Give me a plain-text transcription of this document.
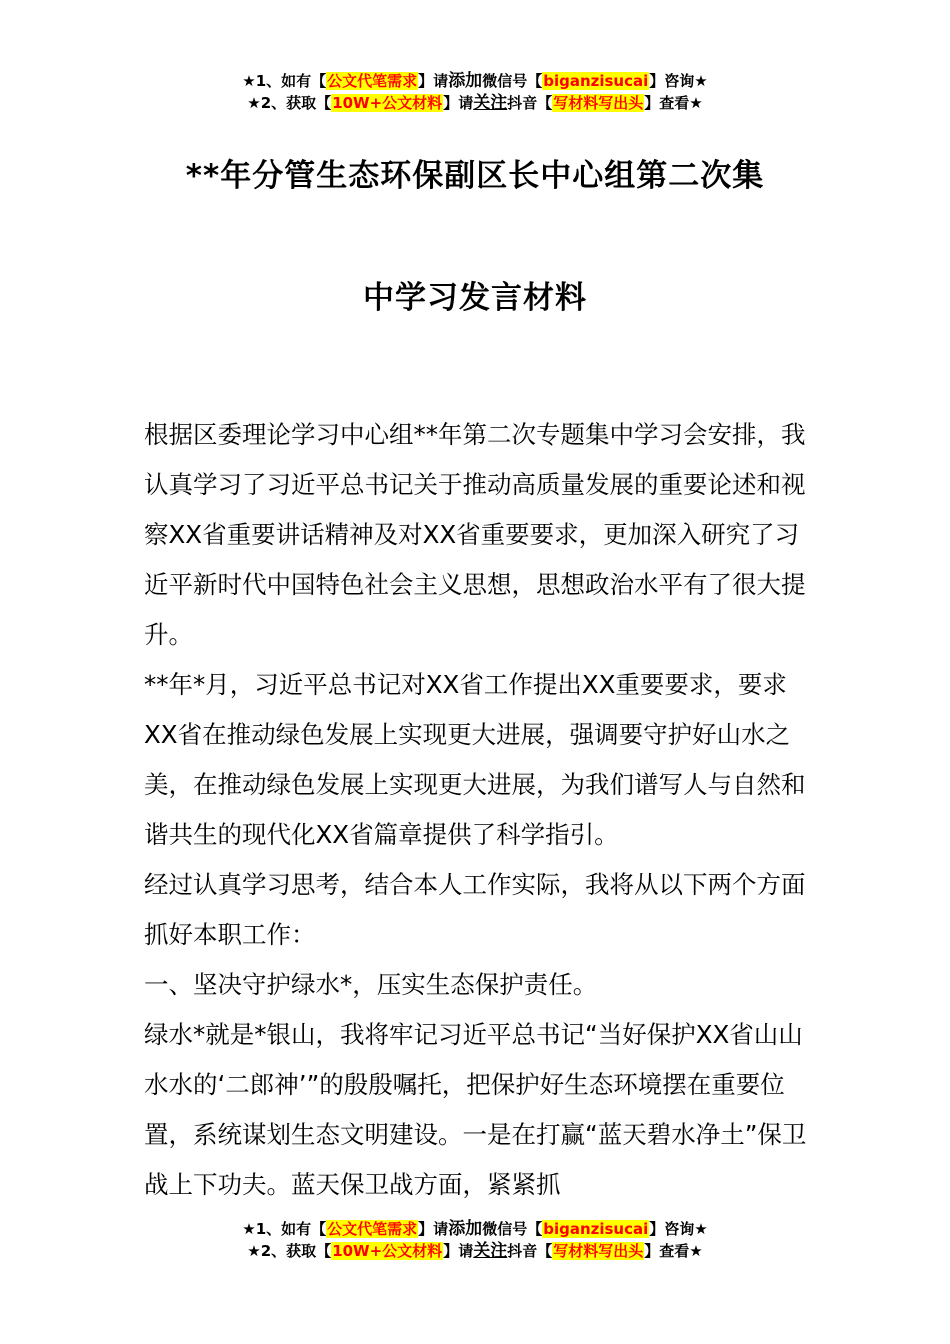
★1、如有【公文代笔需求】请添加微信号【biganzisucai】咨询★
★2、获取【10W+公文材料】请关注抖音【写材料写出头】查看★
**年分管生态环保副区长中心组第二次集
中学习发言材料

根据区委理论学习中心组**年第二次专题集中学习会安排，我认真学习了习近平总书记关于推动高质量发展的重要论述和视察XX省重要讲话精神及对XX省重要要求，更加深入研究了习近平新时代中国特色社会主义思想，思想政治水平有了很大提升。

**年*月，习近平总书记对XX省工作提出XX重要要求，要求XX省在推动绿色发展上实现更大进展，强调要守护好山水之美，在推动绿色发展上实现更大进展，为我们谱写人与自然和谐共生的现代化XX省篇章提供了科学指引。

经过认真学习思考，结合本人工作实际，我将从以下两个方面抓好本职工作：

一、坚决守护绿水*，压实生态保护责任。

绿水*就是*银山，我将牢记习近平总书记“当好保护XX省山山水水的‘二郎神’”的殷殷嘱托，把保护好生态环境摆在重要位置，系统谋划生态文明建设。一是在打赢“蓝天碧水净土”保卫战上下功夫。蓝天保卫战方面，紧紧抓

★1、如有【公文代笔需求】请添加微信号【biganzisucai】咨询★
★2、获取【10W+公文材料】请关注抖音【写材料写出头】查看★
